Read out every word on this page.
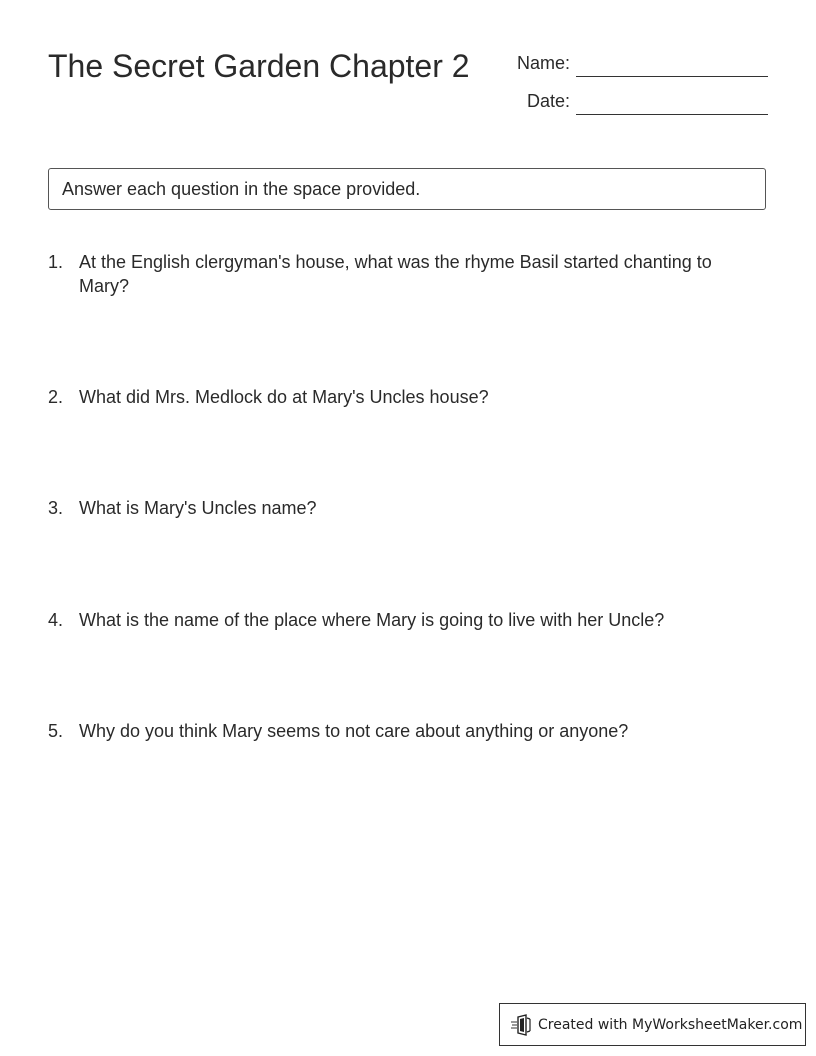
The Secret Garden Chapter 2	Name:
Date:
Answer each question in the space provided.
1. At the English clergyman's house, what was the rhyme Basil started chanting to Mary?
2. What did Mrs. Medlock do at Mary's Uncles house?
3. What is Mary's Uncles name?
4. What is the name of the place where Mary is going to live with her Uncle?
5. Why do you think Mary seems to not care about anything or anyone?
Created with MyWorksheetMaker.com
